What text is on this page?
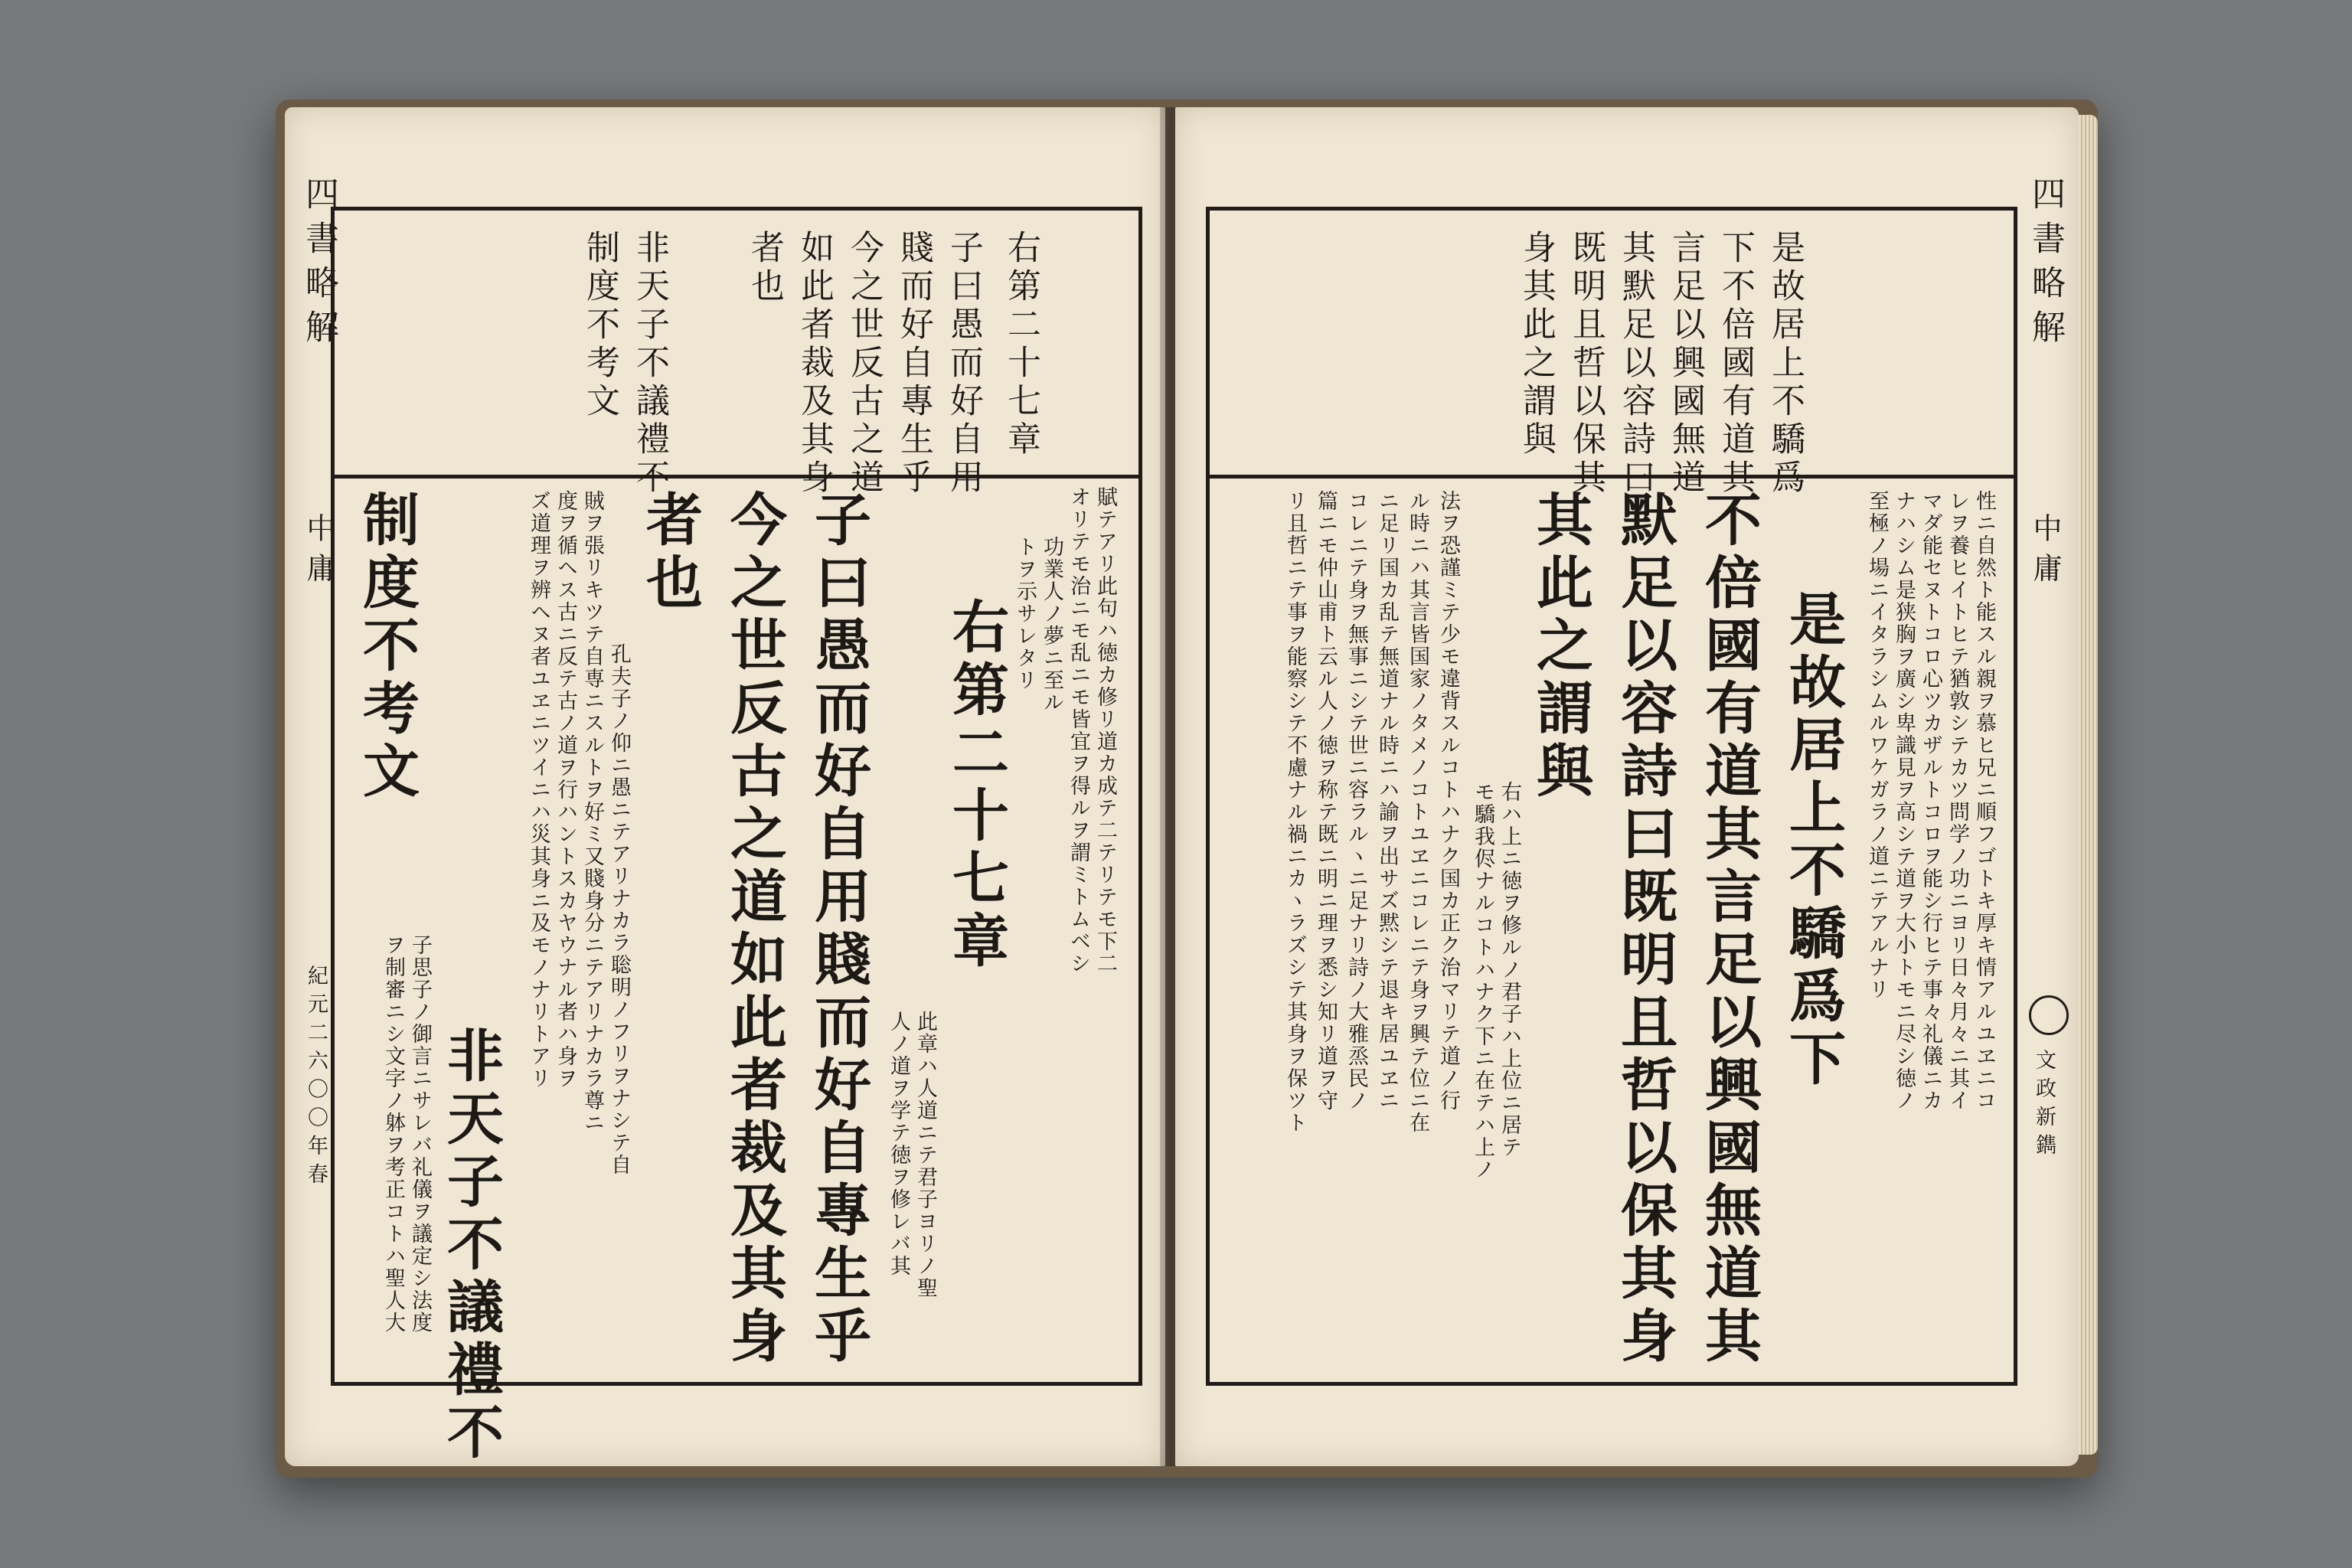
四書略解
中庸
紀元二六〇〇年春
右第二十七章
子曰愚而好自用
賤而好自專生乎
今之世反古之道
如此者裁及其身
者也
非天子不議禮不
制度不考文
賦テアリ此句ハ徳カ修リ道カ成テ二テリテモ下二
オリテモ治ニモ乱ニモ皆宜ヲ得ルヲ謂ミトムベシ
功業人ノ夢ニ至ル
トヲ示サレタリ
右第二十七章
此章ハ人道ニテ君子ヨリノ聖
人ノ道ヲ学テ徳ヲ修レバ其
子曰愚而好自用賤而好自專生乎
今之世反古之道如此者裁及其身
者也
孔夫子ノ仰ニ愚ニテアリナカラ聡明ノフリヲナシテ自
賊ヲ張リキツテ自専ニスルトヲ好ミ又賤身分ニテアリナカラ尊ニ
度ヲ循ヘス古ニ反テ古ノ道ヲ行ハントスカヤウナル者ハ身ヲ
ズ道理ヲ辨ヘヌ者ユヱニツイニハ災其身ニ及モノナリトアリ
非天子不議禮不
制度不考文
子思子ノ御言ニサレバ礼儀ヲ議定シ法度
ヲ制審ニシ文字ノ躰ヲ考正コトハ聖人大
四書略解
中庸
文政新鐫
是故居上不驕爲
下不倍國有道其
言足以興國無道
其默足以容詩曰
既明且哲以保其
身其此之謂與
性ニ自然ト能スル親ヲ慕ヒ兄ニ順フゴトキ厚キ情アルユヱニコ
レヲ養ヒイトヒテ猶敦シテカツ問学ノ功ニヨリ日々月々ニ其イ
マダ能セヌトコロ心ツカザルトコロヲ能シ行ヒテ事々礼儀ニカ
ナハシム是狭胸ヲ廣シ卑識見ヲ高シテ道ヲ大小トモニ尽シ徳ノ
至極ノ場ニイタラシムルワケガラノ道ニテアルナリ
是故居上不驕爲下
不倍國有道其言足以興國無道其
默足以容詩曰既明且哲以保其身
其此之謂與
右ハ上ニ徳ヲ修ルノ君子ハ上位ニ居テ
モ驕我侭ナルコトハナク下ニ在テハ上ノ
法ヲ恐謹ミテ少モ違背スルコトハナク国カ正ク治マリテ道ノ行
ル時ニハ其言皆国家ノタメノコトユヱニコレニテ身ヲ興テ位ニ在
ニ足リ国カ乱テ無道ナル時ニハ諭ヲ出サズ黙シテ退キ居ユヱニ
コレニテ身ヲ無事ニシテ世ニ容ラルヽニ足ナリ詩ノ大雅烝民ノ
篇ニモ仲山甫ト云ル人ノ徳ヲ称テ既ニ明ニ理ヲ悉シ知リ道ヲ守
リ且哲ニテ事ヲ能察シテ不慮ナル禍ニカヽラズシテ其身ヲ保ツト
